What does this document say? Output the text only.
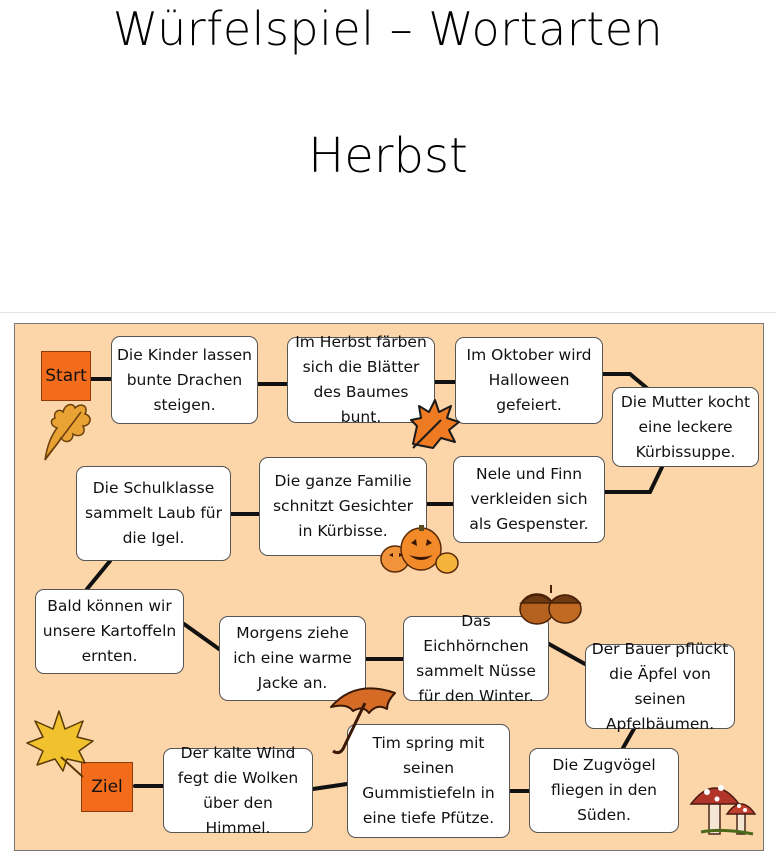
Würfelspiel – Wortarten
Herbst
Start
Ziel
Die Kinder lassen bunte Drachen steigen.
Im Herbst färben sich die Blätter des Baumes bunt.
Im Oktober wird Halloween gefeiert.	Die Mutter kocht eine leckere Kürbissuppe.
Nele und Finn verkleiden sich als Gespenster.
Die ganze Familie schnitzt Gesichter in Kürbisse.
Die Schulklasse sammelt Laub für die Igel.
Bald können wir unsere Kartoffeln ernten.
Morgens ziehe ich eine warme Jacke an.
Das Eichhörnchen sammelt Nüsse für den Winter.
Der Bauer pflückt die Äpfel von seinen Apfelbäumen.
Die Zugvögel fliegen in den Süden.
Tim spring mit seinen Gummistiefeln in eine tiefe Pfütze.
Der kalte Wind fegt die Wolken über den Himmel.
